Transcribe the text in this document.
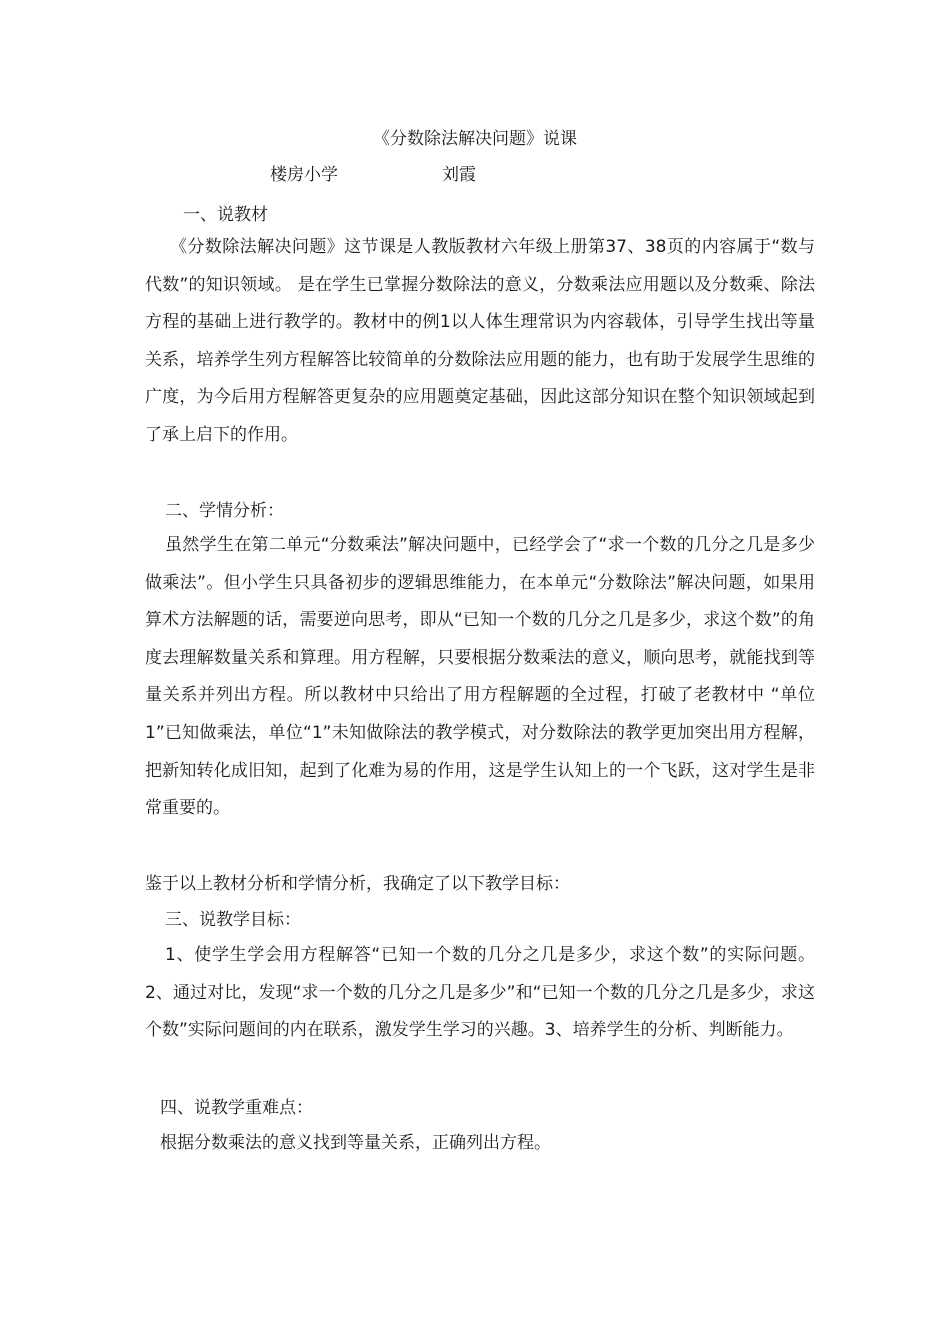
《分数除法解决问题》说课
楼房小学	刘霞
一、说教材
《分数除法解决问题》这节课是人教版教材六年级上册第37、38页的内容属于“数与代数”的知识领域。 是在学生已掌握分数除法的意义，分数乘法应用题以及分数乘、除法方程的基础上进行教学的。教材中的例1以人体生理常识为内容载体，引导学生找出等量关系，培养学生列方程解答比较简单的分数除法应用题的能力，也有助于发展学生思维的广度，为今后用方程解答更复杂的应用题奠定基础，因此这部分知识在整个知识领域起到了承上启下的作用。
二、学情分析：
虽然学生在第二单元“分数乘法”解决问题中，已经学会了“求一个数的几分之几是多少做乘法”。但小学生只具备初步的逻辑思维能力，在本单元“分数除法”解决问题，如果用算术方法解题的话，需要逆向思考，即从“已知一个数的几分之几是多少，求这个数”的角度去理解数量关系和算理。用方程解，只要根据分数乘法的意义，顺向思考，就能找到等量关系并列出方程。所以教材中只给出了用方程解题的全过程，打破了老教材中 “单位1”已知做乘法，单位“1”未知做除法的教学模式，对分数除法的教学更加突出用方程解，把新知转化成旧知，起到了化难为易的作用，这是学生认知上的一个飞跃，这对学生是非常重要的。
鉴于以上教材分析和学情分析，我确定了以下教学目标：
三、说教学目标：
1、使学生学会用方程解答“已知一个数的几分之几是多少，求这个数”的实际问题。2、通过对比，发现“求一个数的几分之几是多少”和“已知一个数的几分之几是多少，求这个数”实际问题间的内在联系，激发学生学习的兴趣。3、培养学生的分析、判断能力。
四、说教学重难点：
根据分数乘法的意义找到等量关系，正确列出方程。
